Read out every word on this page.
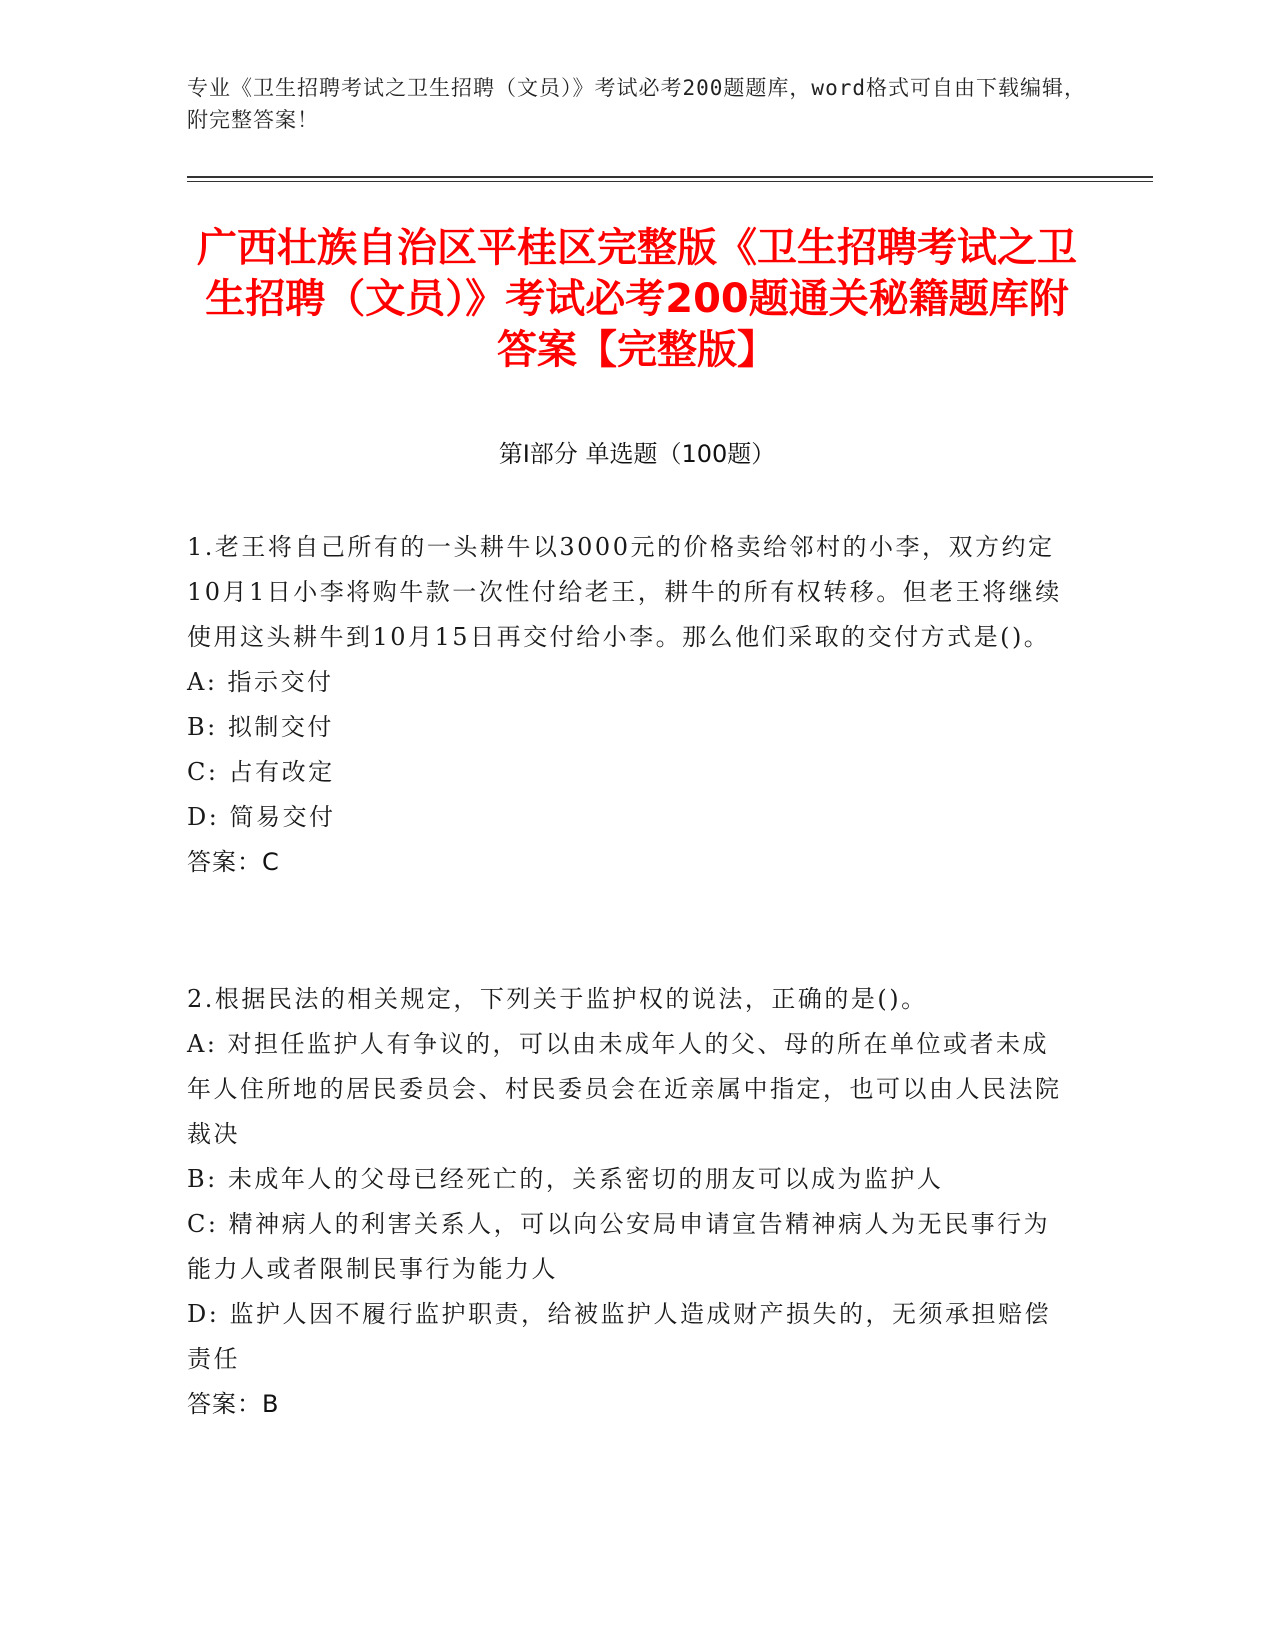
专业《卫生招聘考试之卫生招聘（文员）》考试必考200题题库，word格式可自由下载编辑，附完整答案！
广西壮族自治区平桂区完整版《卫生招聘考试之卫生招聘（文员）》考试必考200题通关秘籍题库附答案【完整版】
第Ⅰ部分 单选题（100题）
1.老王将自己所有的一头耕牛以3000元的价格卖给邻村的小李，双方约定10月1日小李将购牛款一次性付给老王，耕牛的所有权转移。但老王将继续使用这头耕牛到10月15日再交付给小李。那么他们采取的交付方式是()。
A: 指示交付
B: 拟制交付
C: 占有改定
D: 简易交付
答案：C
2.根据民法的相关规定，下列关于监护权的说法，正确的是()。
A: 对担任监护人有争议的，可以由未成年人的父、母的所在单位或者未成年人住所地的居民委员会、村民委员会在近亲属中指定，也可以由人民法院裁决
B: 未成年人的父母已经死亡的，关系密切的朋友可以成为监护人
C: 精神病人的利害关系人，可以向公安局申请宣告精神病人为无民事行为能力人或者限制民事行为能力人
D: 监护人因不履行监护职责，给被监护人造成财产损失的，无须承担赔偿责任
答案：B
